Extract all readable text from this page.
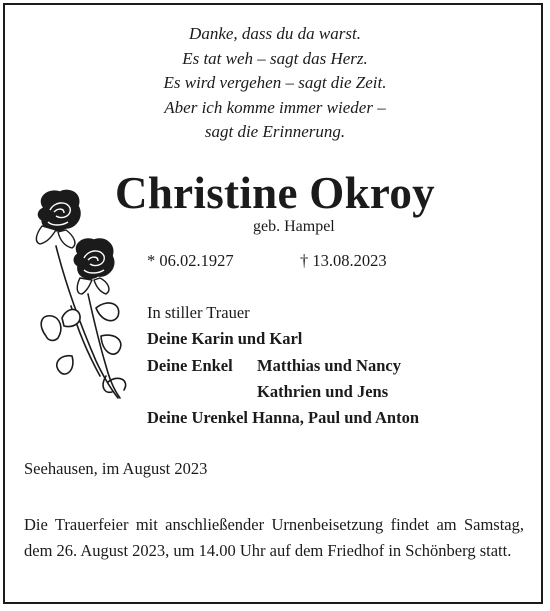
Danke, dass du da warst.
Es tat weh – sagt das Herz.
Es wird vergehen – sagt die Zeit.
Aber ich komme immer wieder –
sagt die Erinnerung.
Christine Okroy
geb. Hampel
* 06.02.1927	† 13.08.2023
In stiller Trauer
Deine Karin und Karl
Deine Enkel Matthias und Nancy
Kathrien und Jens
Deine Urenkel Hanna, Paul und Anton
Seehausen, im August 2023
Die Trauerfeier mit anschließender Urnenbeisetzung findet am Samstag, dem 26. August 2023, um 14.00 Uhr auf dem Friedhof in Schönberg statt.
